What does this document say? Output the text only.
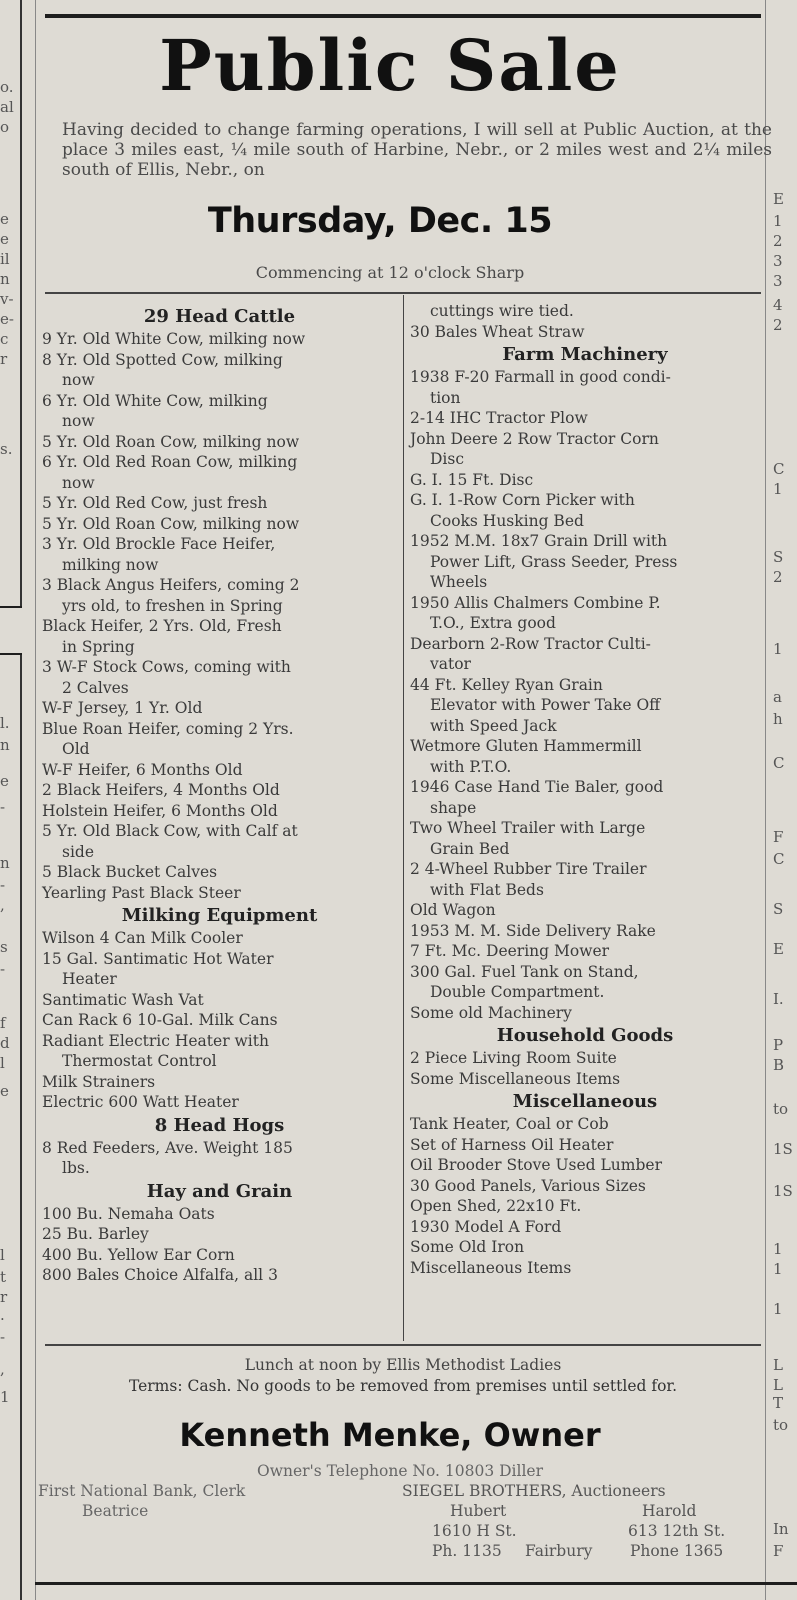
o.
al
o
e
e
il
n
v-
e-
c
r
s.
l.
n
e
-
n
-
,
s
-
f
d
l
e
l
t
r
.
-
,
1
E
1
2
3
3
4
2
C
1
S
2
1
a
h
C
F
C
S
E
I.
P
B
to
1S
1S
1
1
1
L
L
T
to
In
F
Public Sale
Having decided to change farming operations, I will sell at Public Auction, at the place 3 miles east, ¼ mile south of Harbine, Nebr., or 2 miles west and 2¼ miles south of Ellis, Nebr., on
Thursday, Dec. 15
Commencing at 12 o'clock Sharp
29 Head Cattle
9 Yr. Old White Cow, milking now
8 Yr. Old Spotted Cow, milking
now
6 Yr. Old White Cow, milking
now
5 Yr. Old Roan Cow, milking now
6 Yr. Old Red Roan Cow, milking
now
5 Yr. Old Red Cow, just fresh
5 Yr. Old Roan Cow, milking now
3 Yr. Old Brockle Face Heifer,
milking now
3 Black Angus Heifers, coming 2
yrs old, to freshen in Spring
Black Heifer, 2 Yrs. Old, Fresh
in Spring
3 W-F Stock Cows, coming with
2 Calves
W-F Jersey, 1 Yr. Old
Blue Roan Heifer, coming 2 Yrs.
Old
W-F Heifer, 6 Months Old
2 Black Heifers, 4 Months Old
Holstein Heifer, 6 Months Old
5 Yr. Old Black Cow, with Calf at
side
5 Black Bucket Calves
Yearling Past Black Steer
Milking Equipment
Wilson 4 Can Milk Cooler
15 Gal. Santimatic Hot Water
Heater
Santimatic Wash Vat
Can Rack 6 10-Gal. Milk Cans
Radiant Electric Heater with
Thermostat Control
Milk Strainers
Electric 600 Watt Heater
8 Head Hogs
8 Red Feeders, Ave. Weight 185
lbs.
Hay and Grain
100 Bu. Nemaha Oats
25 Bu. Barley
400 Bu. Yellow Ear Corn
800 Bales Choice Alfalfa, all 3
cuttings wire tied.
30 Bales Wheat Straw
Farm Machinery
1938 F-20 Farmall in good condi-
tion
2-14 IHC Tractor Plow
John Deere 2 Row Tractor Corn
Disc
G. I. 15 Ft. Disc
G. I. 1-Row Corn Picker with
Cooks Husking Bed
1952 M.M. 18x7 Grain Drill with
Power Lift, Grass Seeder, Press
Wheels
1950 Allis Chalmers Combine P.
T.O., Extra good
Dearborn 2-Row Tractor Culti-
vator
44 Ft. Kelley Ryan Grain
Elevator with Power Take Off
with Speed Jack
Wetmore Gluten Hammermill
with P.T.O.
1946 Case Hand Tie Baler, good
shape
Two Wheel Trailer with Large
Grain Bed
2 4-Wheel Rubber Tire Trailer
with Flat Beds
Old Wagon
1953 M. M. Side Delivery Rake
7 Ft. Mc. Deering Mower
300 Gal. Fuel Tank on Stand,
Double Compartment.
Some old Machinery
Household Goods
2 Piece Living Room Suite
Some Miscellaneous Items
Miscellaneous
Tank Heater, Coal or Cob
Set of Harness Oil Heater
Oil Brooder Stove Used Lumber
30 Good Panels, Various Sizes
Open Shed, 22x10 Ft.
1930 Model A Ford
Some Old Iron
Miscellaneous Items
Lunch at noon by Ellis Methodist Ladies
Terms: Cash. No goods to be removed from premises until settled for.
Kenneth Menke, Owner
Owner's Telephone No. 10803 Diller
First National Bank, Clerk
Beatrice
SIEGEL BROTHERS, Auctioneers
Hubert	Harold
1610 H St.	613 12th St.
Ph. 1135 Fairbury Phone 1365
